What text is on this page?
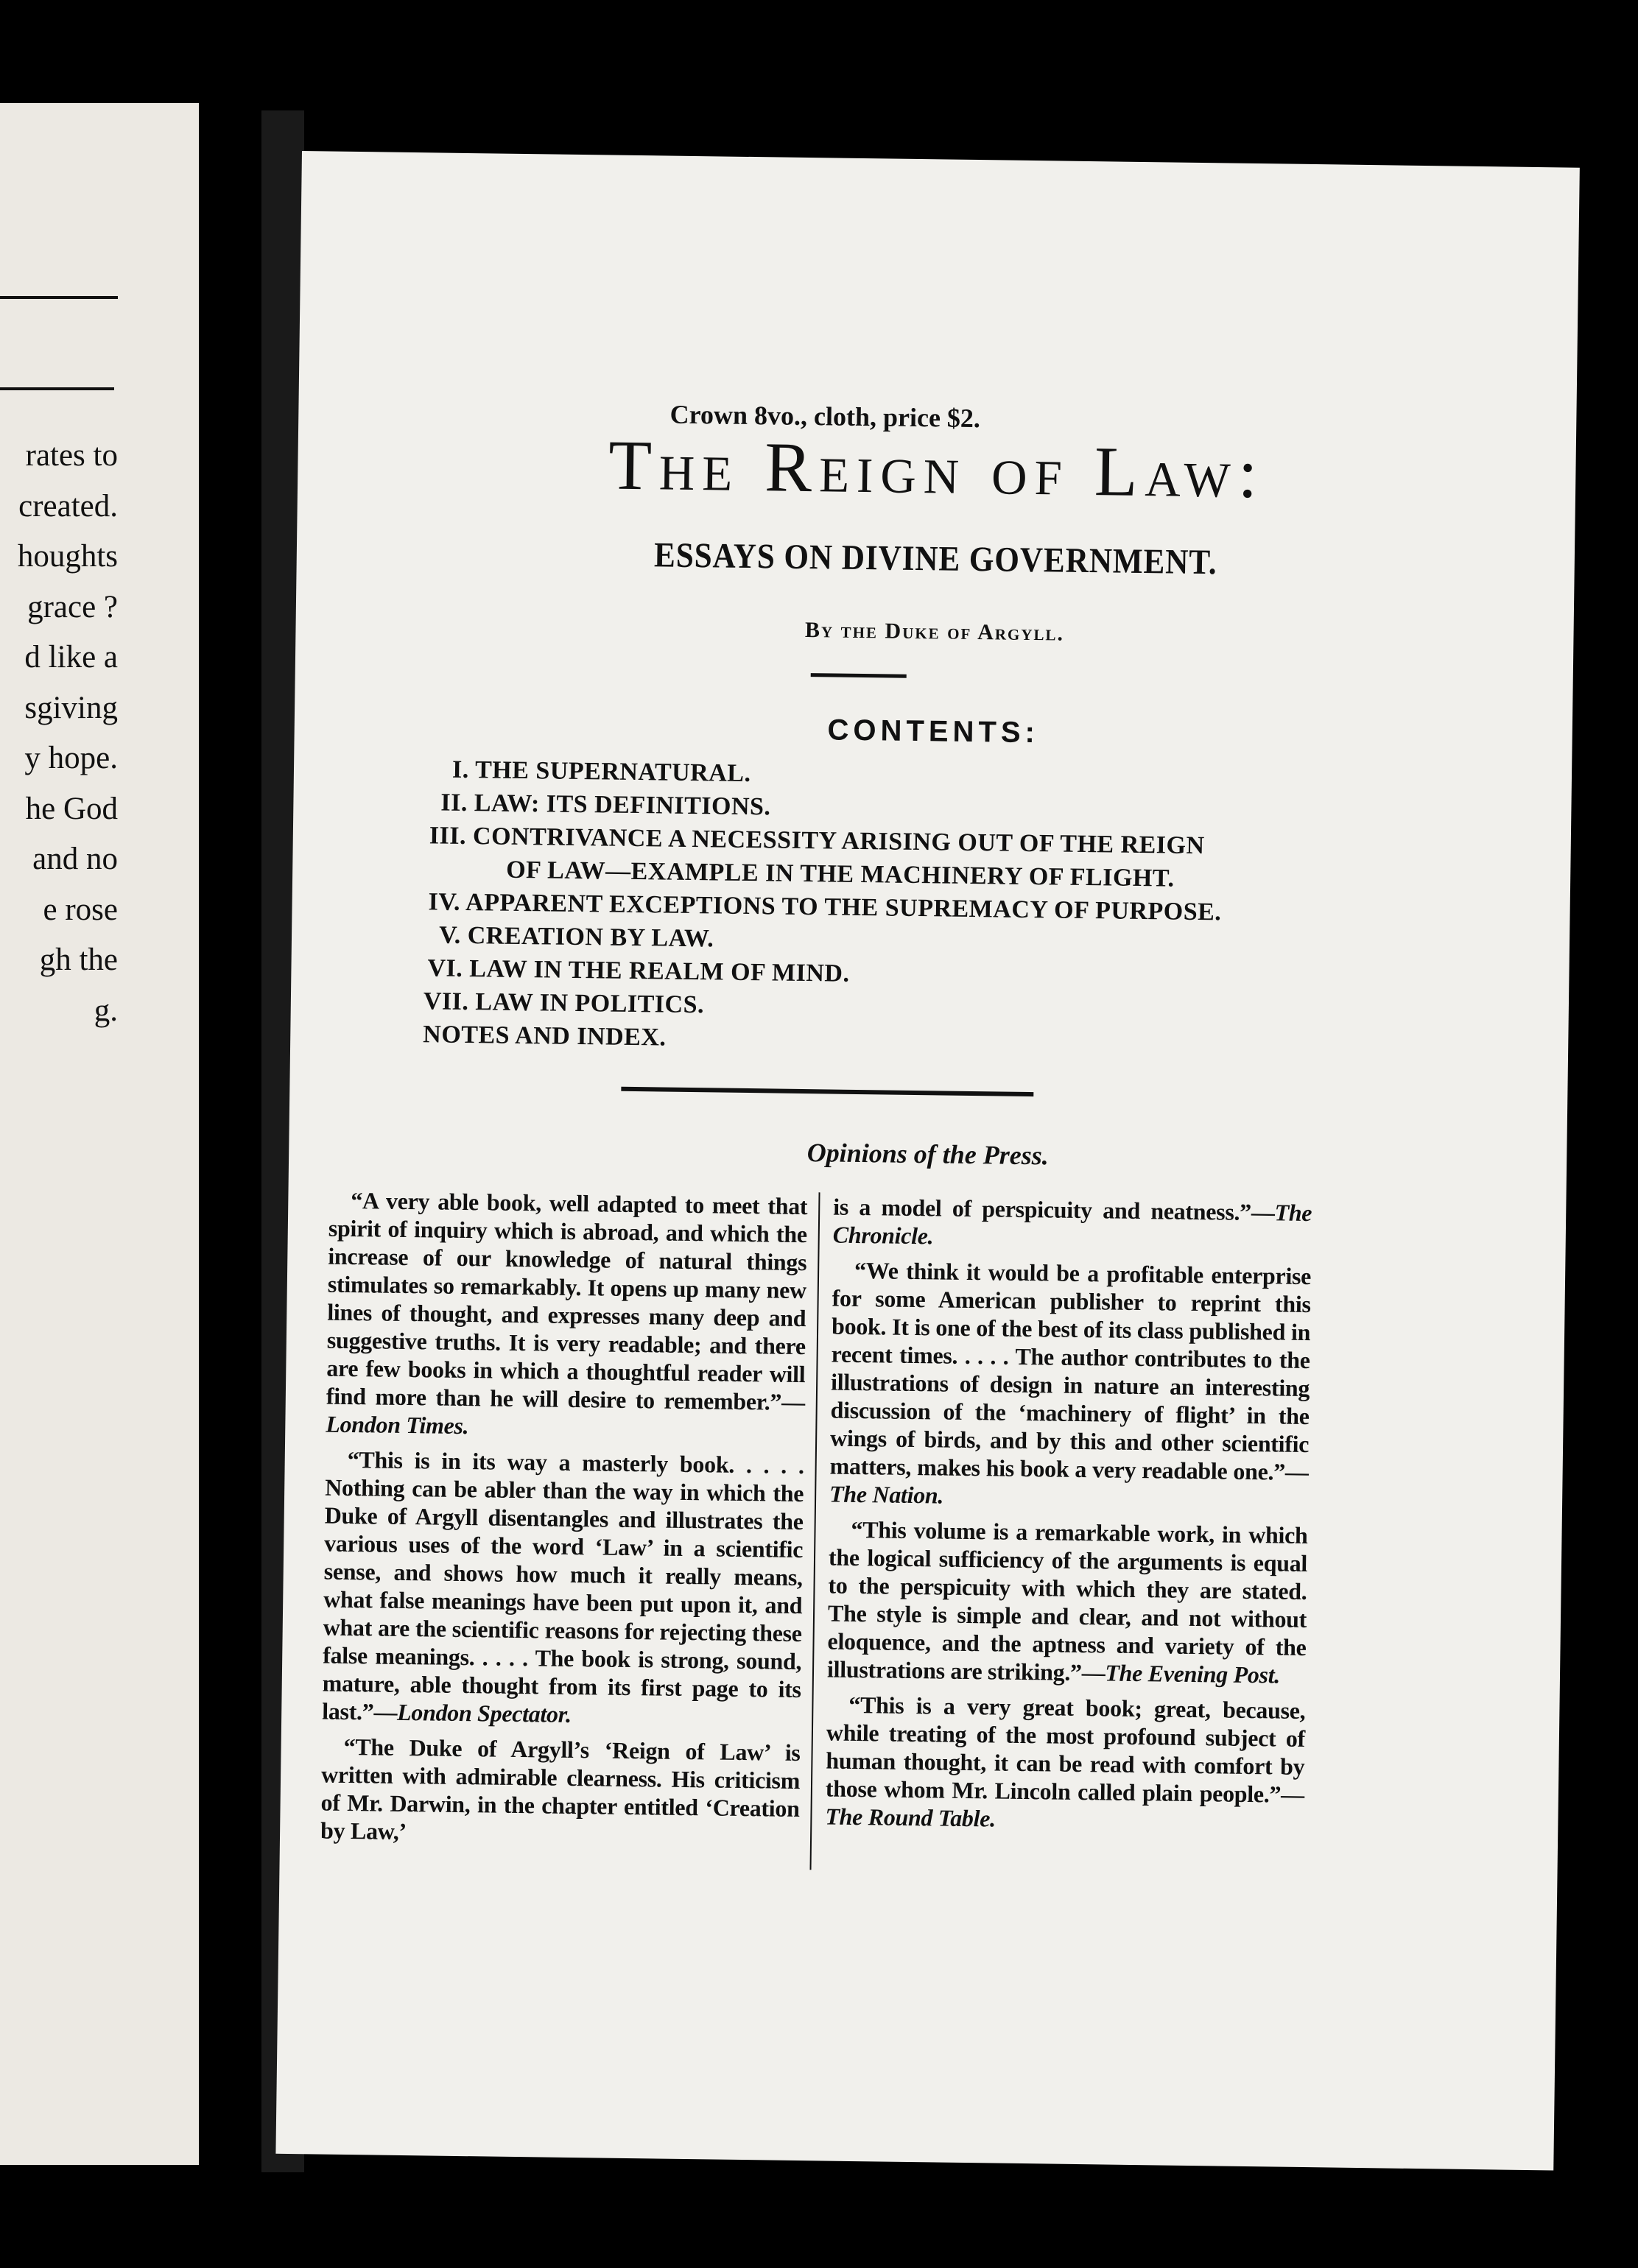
rates to
created.
houghts
grace ?
d like a
sgiving
y hope.
he God
and no
e rose
gh the
g.
Crown 8vo., cloth, price $2.
The Reign of Law:
ESSAYS ON DIVINE GOVERNMENT.
By the Duke of Argyll.
CONTENTS:
I. THE SUPERNATURAL.
II. LAW: ITS DEFINITIONS.
III. CONTRIVANCE A NECESSITY ARISING OUT OF THE REIGN
OF LAW—EXAMPLE IN THE MACHINERY OF FLIGHT.
IV. APPARENT EXCEPTIONS TO THE SUPREMACY OF PURPOSE.
V. CREATION BY LAW.
VI. LAW IN THE REALM OF MIND.
VII. LAW IN POLITICS.
NOTES AND INDEX.
Opinions of the Press.

“A very able book, well adapted to meet that spirit of inquiry which is abroad, and which the increase of our knowledge of natural things stimulates so remarkably. It opens up many new lines of thought, and expresses many deep and suggestive truths. It is very readable; and there are few books in which a thoughtful reader will find more than he will desire to remember.”—London Times.

“This is in its way a masterly book. . . . . Nothing can be abler than the way in which the Duke of Argyll disentangles and illustrates the various uses of the word ‘Law’ in a scientific sense, and shows how much it really means, what false meanings have been put upon it, and what are the scientific reasons for rejecting these false meanings. . . . . The book is strong, sound, mature, able thought from its first page to its last.”—London Spectator.

“The Duke of Argyll’s ‘Reign of Law’ is written with admirable clearness. His criticism of Mr. Darwin, in the chapter entitled ‘Creation by Law,’

is a model of perspicuity and neatness.”—The Chronicle.

“We think it would be a profitable enterprise for some American publisher to reprint this book. It is one of the best of its class published in recent times. . . . . The author contributes to the illustrations of design in nature an interesting discussion of the ‘machinery of flight’ in the wings of birds, and by this and other scientific matters, makes his book a very readable one.”—The Nation.

“This volume is a remarkable work, in which the logical sufficiency of the arguments is equal to the perspicuity with which they are stated. The style is simple and clear, and not without eloquence, and the aptness and variety of the illustrations are striking.”—The Evening Post.

“This is a very great book; great, because, while treating of the most profound subject of human thought, it can be read with comfort by those whom Mr. Lincoln called plain people.”—The Round Table.
